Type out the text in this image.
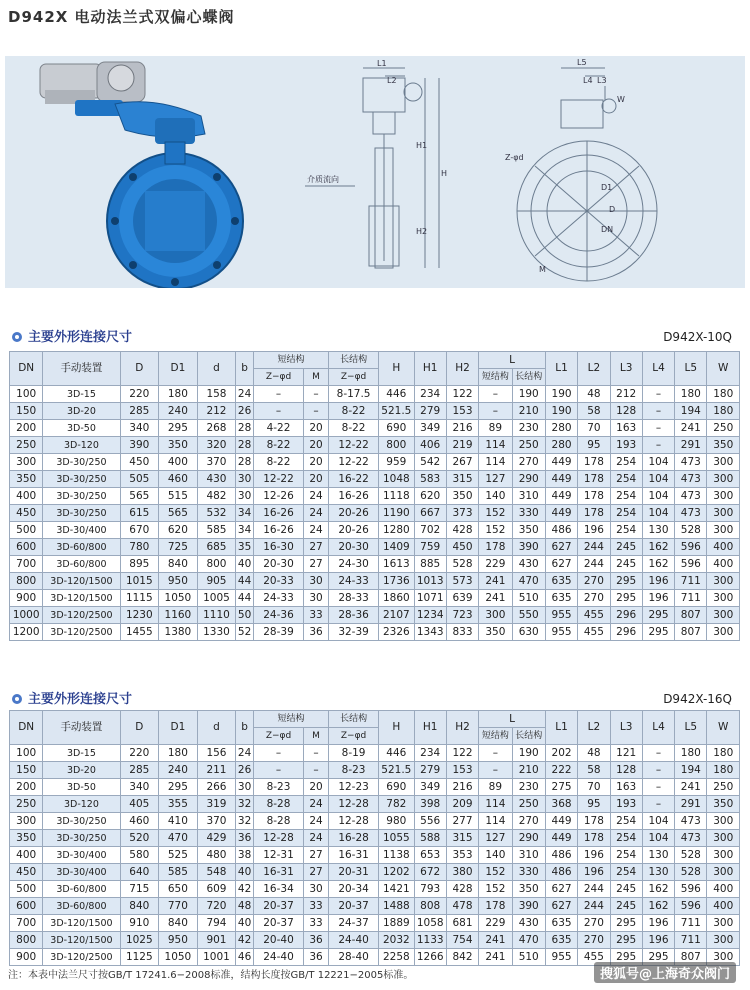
D942X 电动法兰式双偏心蝶阀
L1
L2
H1
H
H2
介质流向
L5
L4 L3
W
Z-φd
D1
D
DN
M
主要外形连接尺寸	D942X-10Q
DN	手动装置	D	D1	d	b	短结构		长结构	H	H1	H2	L		L1	L2	L3	L4	L5	W
						Z−φd	M	Z−φd				短结构	长结构						
100	3D-15	220	180	158	24	–	–	8-17.5	446	234	122	–	190	190	48	212	–	180	180
150	3D-20	285	240	212	26	–	–	8-22	521.5	279	153	–	210	190	58	128	–	194	180
200	3D-50	340	295	268	28	4-22	20	8-22	690	349	216	89	230	280	70	163	–	241	250
250	3D-120	390	350	320	28	8-22	20	12-22	800	406	219	114	250	280	95	193	–	291	350
300	3D-30/250	450	400	370	28	8-22	20	12-22	959	542	267	114	270	449	178	254	104	473	300
350	3D-30/250	505	460	430	30	12-22	20	16-22	1048	583	315	127	290	449	178	254	104	473	300
400	3D-30/250	565	515	482	30	12-26	24	16-26	1118	620	350	140	310	449	178	254	104	473	300
450	3D-30/250	615	565	532	34	16-26	24	20-26	1190	667	373	152	330	449	178	254	104	473	300
500	3D-30/400	670	620	585	34	16-26	24	20-26	1280	702	428	152	350	486	196	254	130	528	300
600	3D-60/800	780	725	685	35	16-30	27	20-30	1409	759	450	178	390	627	244	245	162	596	400
700	3D-60/800	895	840	800	40	20-30	27	24-30	1613	885	528	229	430	627	244	245	162	596	400
800	3D-120/1500	1015	950	905	44	20-33	30	24-33	1736	1013	573	241	470	635	270	295	196	711	300
900	3D-120/1500	1115	1050	1005	44	24-33	30	28-33	1860	1071	639	241	510	635	270	295	196	711	300
1000	3D-120/2500	1230	1160	1110	50	24-36	33	28-36	2107	1234	723	300	550	955	455	296	295	807	300
1200	3D-120/2500	1455	1380	1330	52	28-39	36	32-39	2326	1343	833	350	630	955	455	296	295	807	300
主要外形连接尺寸	D942X-16Q
DN	手动装置	D	D1	d	b	短结构		长结构	H	H1	H2	L		L1	L2	L3	L4	L5	W
						Z−φd	M	Z−φd				短结构	长结构						
100	3D-15	220	180	156	24	–	–	8-19	446	234	122	–	190	202	48	121	–	180	180
150	3D-20	285	240	211	26	–	–	8-23	521.5	279	153	–	210	222	58	128	–	194	180
200	3D-50	340	295	266	30	8-23	20	12-23	690	349	216	89	230	275	70	163	–	241	250
250	3D-120	405	355	319	32	8-28	24	12-28	782	398	209	114	250	368	95	193	–	291	350
300	3D-30/250	460	410	370	32	8-28	24	12-28	980	556	277	114	270	449	178	254	104	473	300
350	3D-30/250	520	470	429	36	12-28	24	16-28	1055	588	315	127	290	449	178	254	104	473	300
400	3D-30/400	580	525	480	38	12-31	27	16-31	1138	653	353	140	310	486	196	254	130	528	300
450	3D-30/400	640	585	548	40	16-31	27	20-31	1202	672	380	152	330	486	196	254	130	528	300
500	3D-60/800	715	650	609	42	16-34	30	20-34	1421	793	428	152	350	627	244	245	162	596	400
600	3D-60/800	840	770	720	48	20-37	33	20-37	1488	808	478	178	390	627	244	245	162	596	400
700	3D-120/1500	910	840	794	40	20-37	33	24-37	1889	1058	681	229	430	635	270	295	196	711	300
800	3D-120/1500	1025	950	901	42	20-40	36	24-40	2032	1133	754	241	470	635	270	295	196	711	300
900	3D-120/2500	1125	1050	1001	46	24-40	36	28-40	2258	1266	842	241	510	955	455	295	295	807	300
注：本表中法兰尺寸按GB/T 17241.6−2008标准，结构长度按GB/T 12221−2005标准。	搜狐号@上海奇众阀门
